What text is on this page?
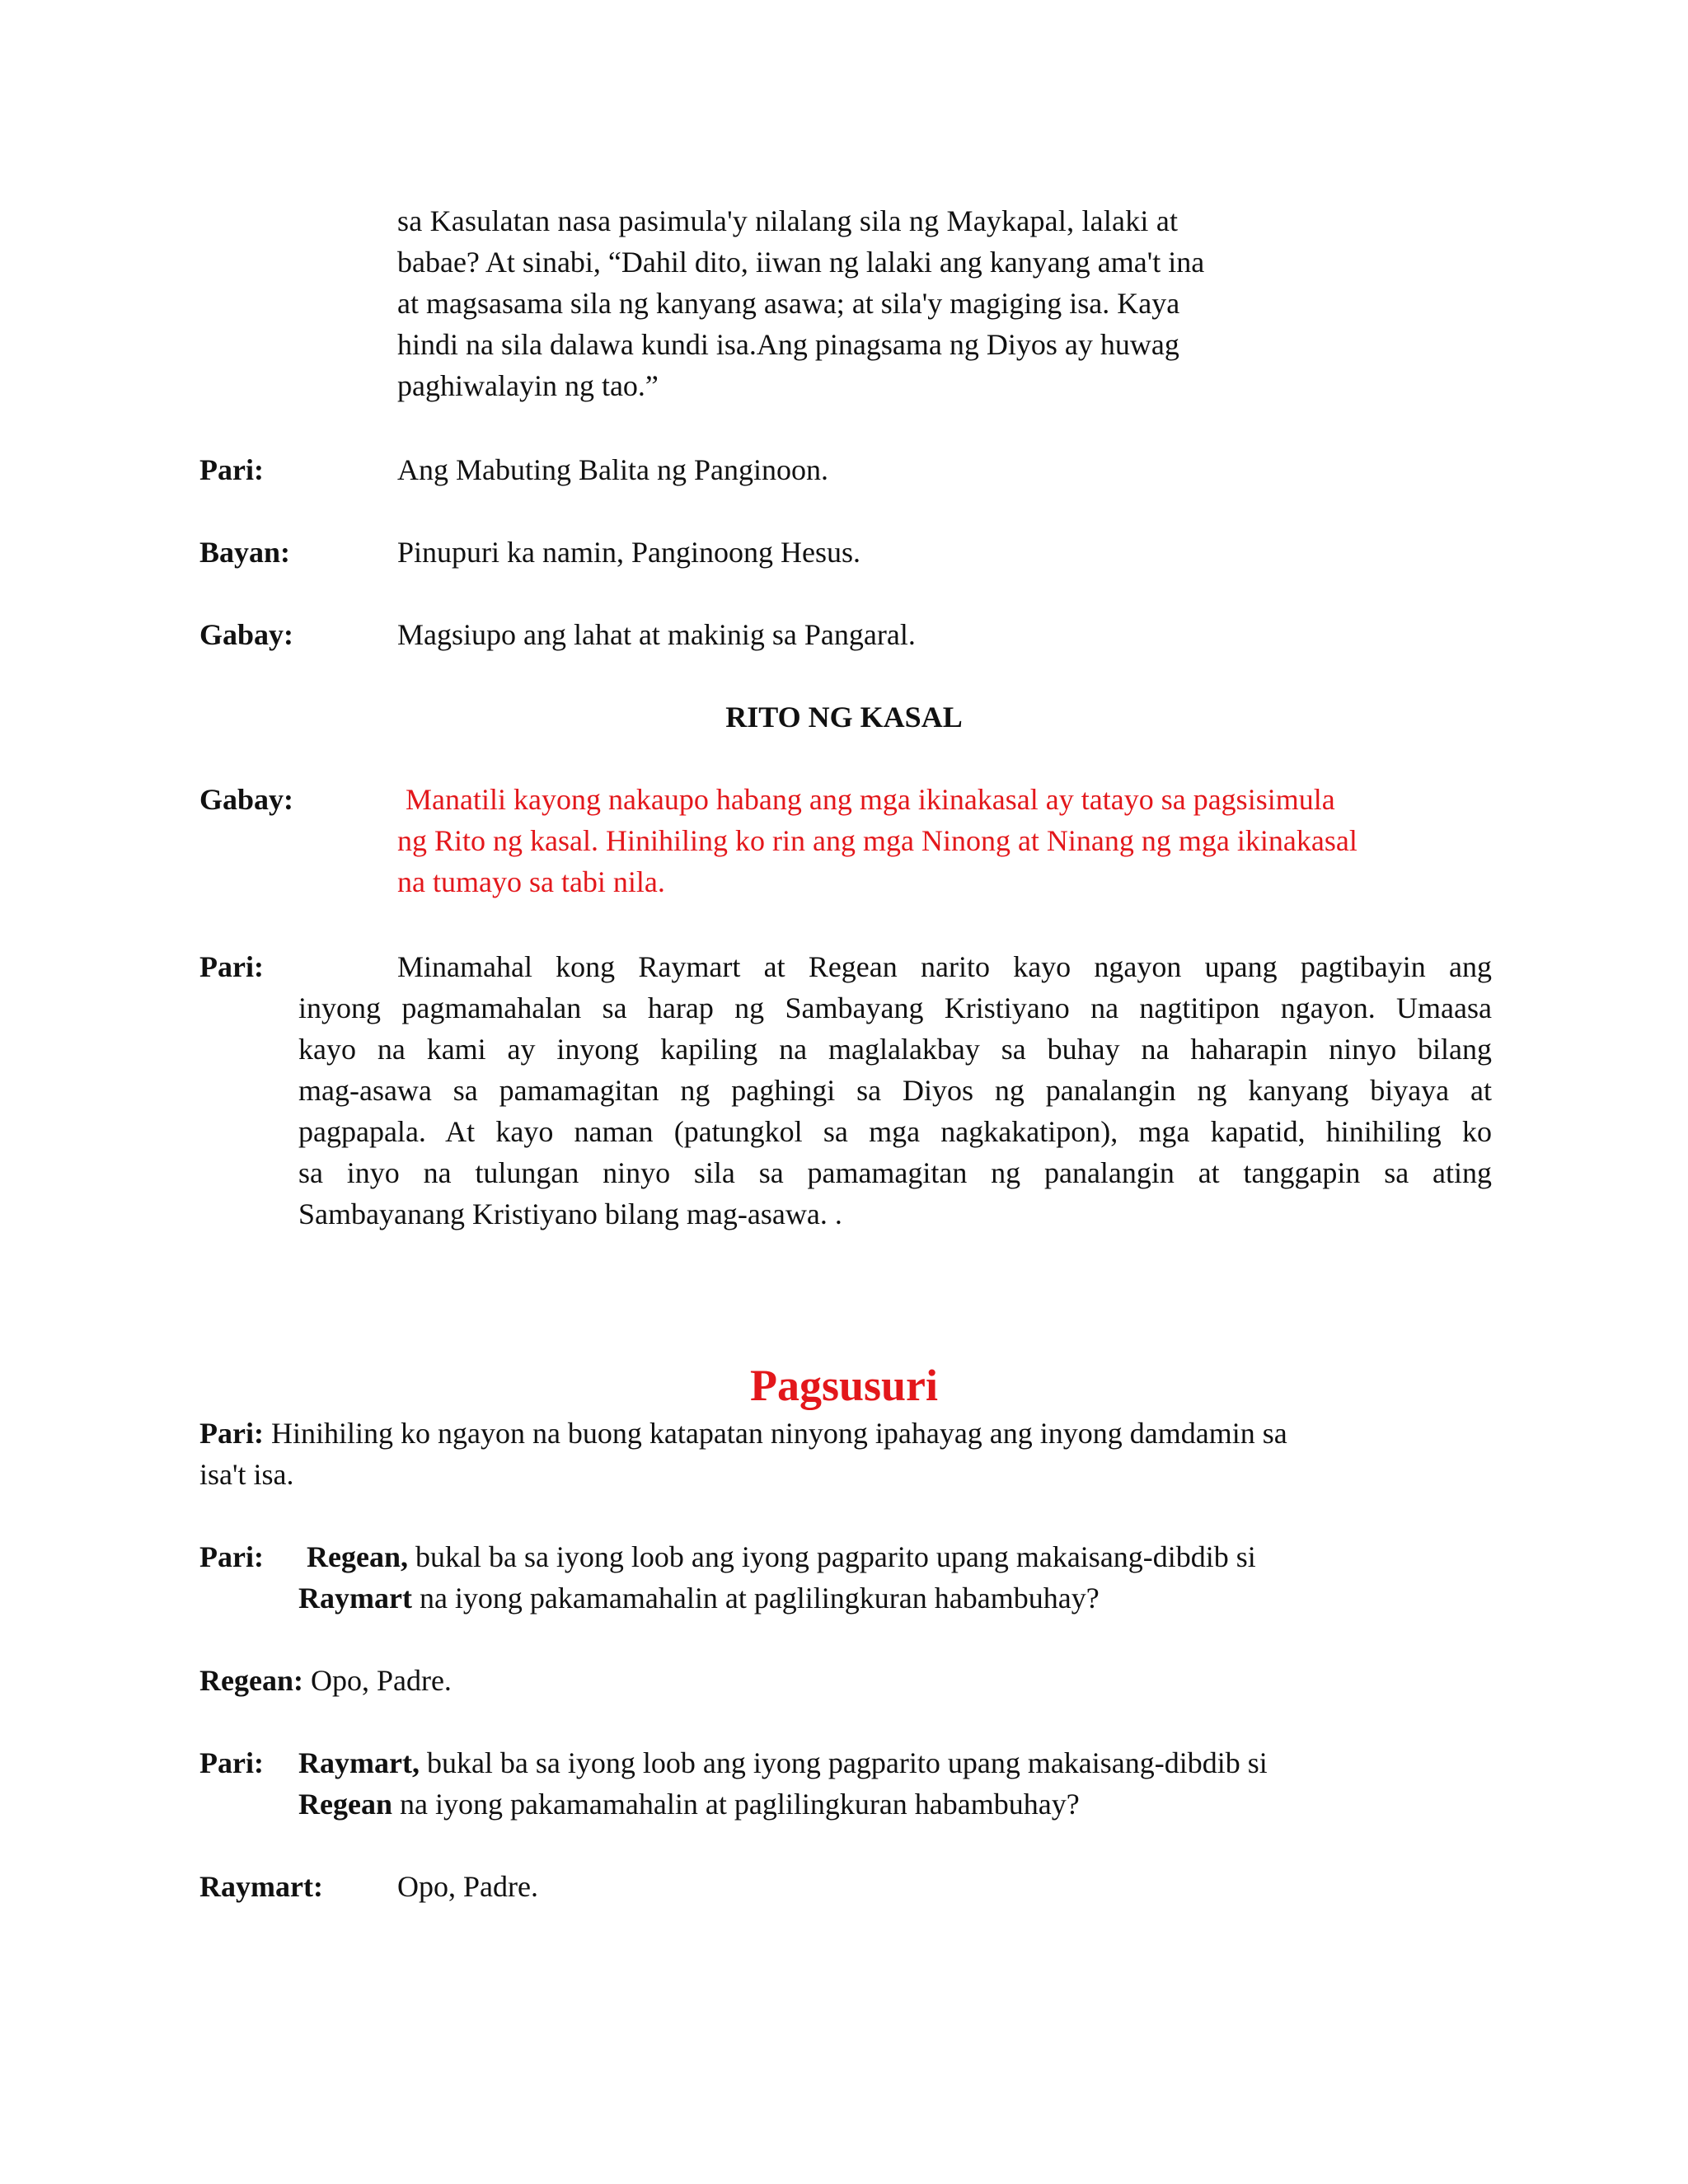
sa Kasulatan nasa pasimula'y nilalang sila ng Maykapal, lalaki at
babae? At sinabi, “Dahil dito, iiwan ng lalaki ang kanyang ama't ina
at magsasama sila ng kanyang asawa; at sila'y magiging isa. Kaya
hindi na sila dalawa kundi isa.Ang pinagsama ng Diyos ay huwag
paghiwalayin ng tao.”
Pari:	Ang Mabuting Balita ng Panginoon.
Bayan:	Pinupuri ka namin, Panginoong Hesus.
Gabay:	Magsiupo ang lahat at makinig sa Pangaral.
RITO NG KASAL
Gabay:	Manatili kayong nakaupo habang ang mga ikinakasal ay tatayo sa pagsisimula
ng Rito ng kasal. Hinihiling ko rin ang mga Ninong at Ninang ng mga ikinakasal
na tumayo sa tabi nila.
Pari:	Minamahal kong Raymart at Regean narito kayo ngayon upang pagtibayin ang
inyong pagmamahalan sa harap ng Sambayang Kristiyano na nagtitipon ngayon. Umaasa
kayo na kami ay inyong kapiling na maglalakbay sa buhay na haharapin ninyo bilang
mag-asawa sa pamamagitan ng paghingi sa Diyos ng panalangin ng kanyang biyaya at
pagpapala. At kayo naman (patungkol sa mga nagkakatipon), mga kapatid, hinihiling ko
sa inyo na tulungan ninyo sila sa pamamagitan ng panalangin at tanggapin sa ating
Sambayanang Kristiyano bilang mag-asawa. .
Pagsusuri
Pari: Hinihiling ko ngayon na buong katapatan ninyong ipahayag ang inyong damdamin sa
isa't isa.
Pari: Regean, bukal ba sa iyong loob ang iyong pagparito upang makaisang-dibdib si
Raymart na iyong pakamamahalin at paglilingkuran habambuhay?
Regean: Opo, Padre.
Pari: Raymart, bukal ba sa iyong loob ang iyong pagparito upang makaisang-dibdib si
Regean na iyong pakamamahalin at paglilingkuran habambuhay?
Raymart:	Opo, Padre.
